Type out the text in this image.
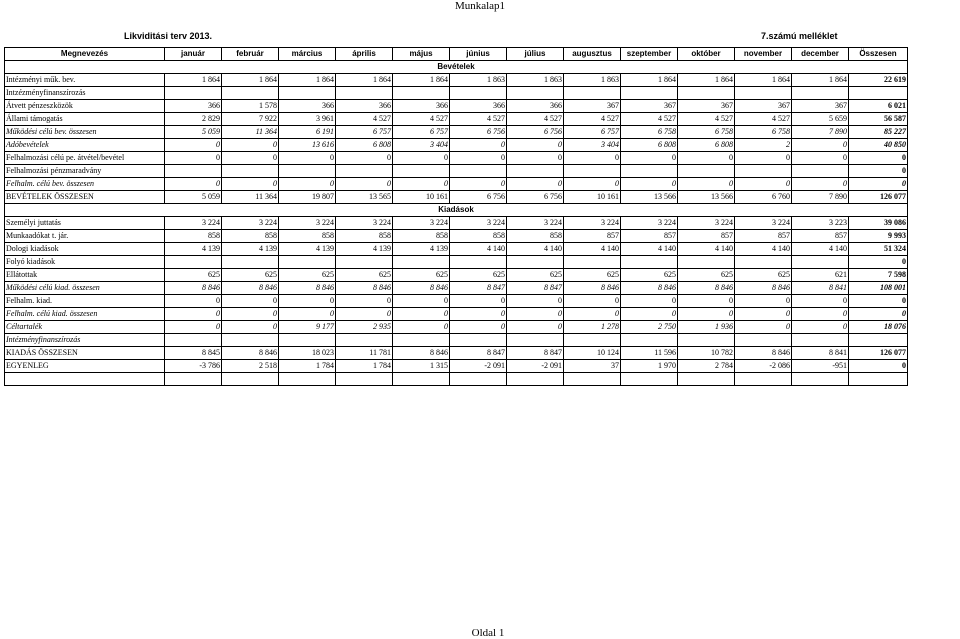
Munkalap1
Likviditási terv 2013.	7.számú melléklet
Megnevezés	január	február	március	április	május	június	július	augusztus	szeptember	október	november	december	Összesen
Bevételek													
Intézményi műk. bev.	1 864	1 864	1 864	1 864	1 864	1 863	1 863	1 863	1 864	1 864	1 864	1 864	22 619
Intzézményfinanszírozás													
Átvett pénzeszközök	366	1 578	366	366	366	366	366	367	367	367	367	367	6 021
Állami támogatás	2 829	7 922	3 961	4 527	4 527	4 527	4 527	4 527	4 527	4 527	4 527	5 659	56 587
Működési célú bev. összesen	5 059	11 364	6 191	6 757	6 757	6 756	6 756	6 757	6 758	6 758	6 758	7 890	85 227
Adóbevételek	0	0	13 616	6 808	3 404	0	0	3 404	6 808	6 808	2	0	40 850
Felhalmozási célú pe. átvétel/bevétel	0	0	0	0	0	0	0	0	0	0	0	0	0
Felhalmozási pénzmaradvány													0
Felhalm. célú bev. összesen	0	0	0	0	0	0	0	0	0	0	0	0	0
BEVÉTELEK ÖSSZESEN	5 059	11 364	19 807	13 565	10 161	6 756	6 756	10 161	13 566	13 566	6 760	7 890	126 077
Kiadások													
Személyi juttatás	3 224	3 224	3 224	3 224	3 224	3 224	3 224	3 224	3 224	3 224	3 224	3 223	39 086
Munkaadókat t. jár.	858	858	858	858	858	858	858	857	857	857	857	857	9 993
Dologi kiadások	4 139	4 139	4 139	4 139	4 139	4 140	4 140	4 140	4 140	4 140	4 140	4 140	51 324
Folyó kiadások													0
Ellátottak	625	625	625	625	625	625	625	625	625	625	625	621	7 598
Működési célú kiad. összesen	8 846	8 846	8 846	8 846	8 846	8 847	8 847	8 846	8 846	8 846	8 846	8 841	108 001
Felhalm. kiad.	0	0	0	0	0	0	0	0	0	0	0	0	0
Felhalm. célú kiad. összesen	0	0	0	0	0	0	0	0	0	0	0	0	0
Céltartalék	0	0	9 177	2 935	0	0	0	1 278	2 750	1 936	0	0	18 076
Intézményfinanszírozás													
KIADÁS ÖSSZESEN	8 845	8 846	18 023	11 781	8 846	8 847	8 847	10 124	11 596	10 782	8 846	8 841	126 077
EGYENLEG	-3 786	2 518	1 784	1 784	1 315	-2 091	-2 091	37	1 970	2 784	-2 086	-951	0

Oldal 1
